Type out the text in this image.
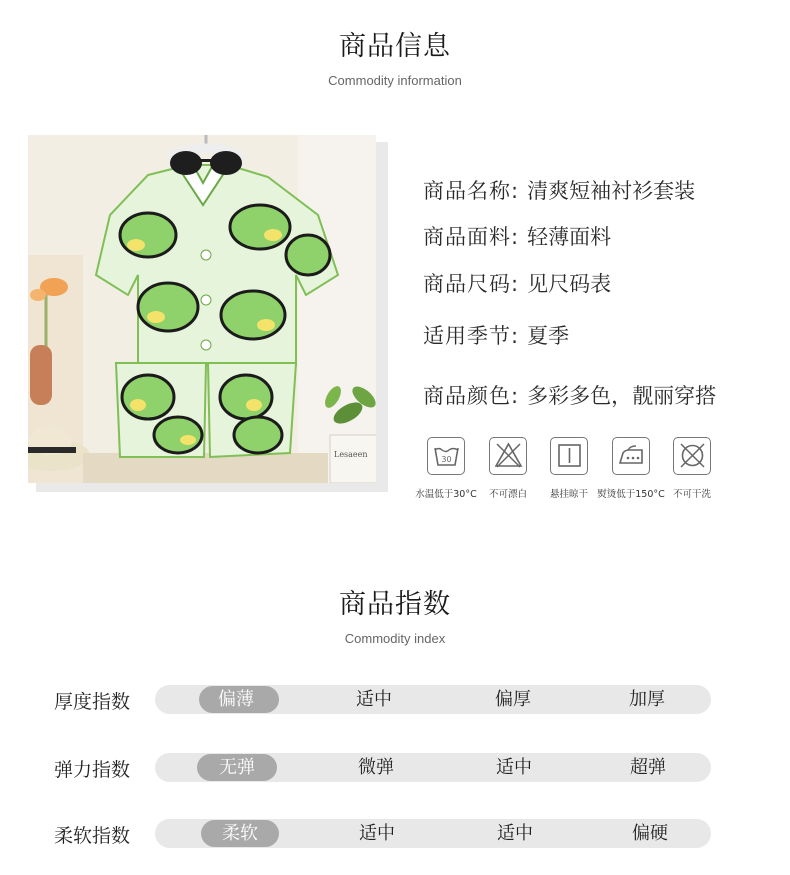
商品信息
Commodity information
Lesaeen
商品名称: 清爽短袖衬衫套装
商品面料: 轻薄面料
商品尺码: 见尺码表
适用季节: 夏季
商品颜色: 多彩多色，靓丽穿搭
30
水温低于30°C 不可漂白 悬挂晾干 熨烫低于150°C 不可干洗
商品指数
Commodity index
厚度指数	偏薄	适中	偏厚	加厚
弹力指数	无弹	微弹	适中	超弹
柔软指数	柔软	适中	适中	偏硬
